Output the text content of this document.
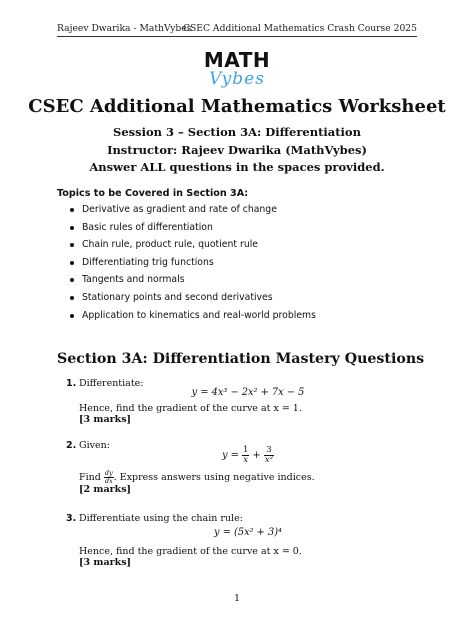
Rajeev Dwarika - MathVybes
CSEC Additional Mathematics Crash Course 2025
MATH
Vybes
CSEC Additional Mathematics Worksheet
Session 3 – Section 3A: Differentiation
Instructor: Rajeev Dwarika (MathVybes)
Answer ALL questions in the spaces provided.
Topics to be Covered in Section 3A:
Derivative as gradient and rate of change
Basic rules of differentiation
Chain rule, product rule, quotient rule
Differentiating trig functions
Tangents and normals
Stationary points and second derivatives
Application to kinematics and real-world problems
Section 3A: Differentiation Mastery Questions
1. Differentiate:
y = 4x³ − 2x² + 7x − 5
Hence, find the gradient of the curve at x = 1.
[3 marks]
2. Given:
$y = \frac{1}{x} + \frac{3}{\text{x²}}$
Find $\frac{dy}{dx}$ . Express answers using negative indices.
[2 marks]
3. Differentiate using the chain rule:
y = (5x² + 3)⁴
Hence, find the gradient of the curve at x = 0.
[3 marks]
1
